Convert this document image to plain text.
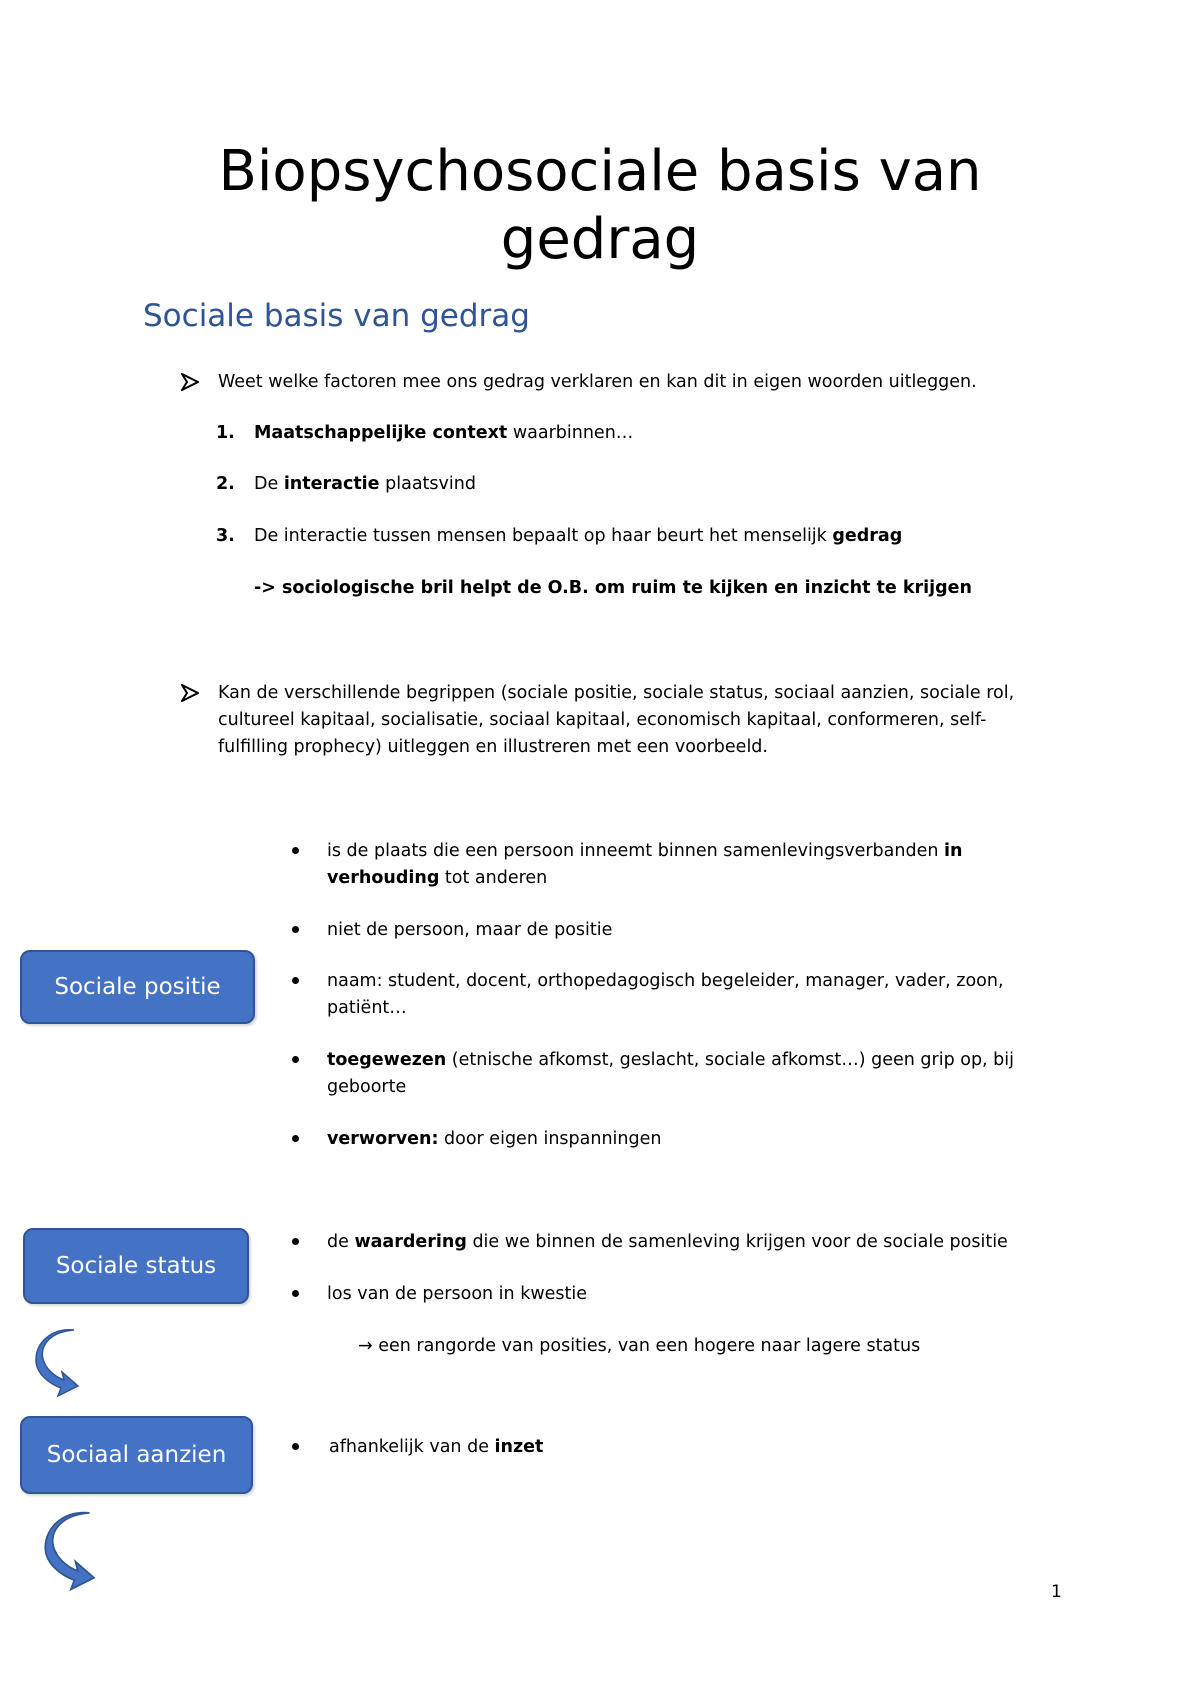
Biopsychosociale basis van
gedrag
Sociale basis van gedrag
Weet welke factoren mee ons gedrag verklaren en kan dit in eigen woorden uitleggen.
1. Maatschappelijke context waarbinnen…
2. De interactie plaatsvind
3. De interactie tussen mensen bepaalt op haar beurt het menselijk gedrag
-> sociologische bril helpt de O.B. om ruim te kijken en inzicht te krijgen
Kan de verschillende begrippen (sociale positie, sociale status, sociaal aanzien, sociale rol,
cultureel kapitaal, socialisatie, sociaal kapitaal, economisch kapitaal, conformeren, self-
fulfilling prophecy) uitleggen en illustreren met een voorbeeld.
Sociale positie
is de plaats die een persoon inneemt binnen samenlevingsverbanden in
verhouding tot anderen
niet de persoon, maar de positie
naam: student, docent, orthopedagogisch begeleider, manager, vader, zoon,
patiënt…
toegewezen (etnische afkomst, geslacht, sociale afkomst…) geen grip op, bij
geboorte
verworven: door eigen inspanningen
Sociale status
de waardering die we binnen de samenleving krijgen voor de sociale positie
los van de persoon in kwestie
→ een rangorde van posities, van een hogere naar lagere status
Sociaal aanzien	afhankelijk van de inzet
1
